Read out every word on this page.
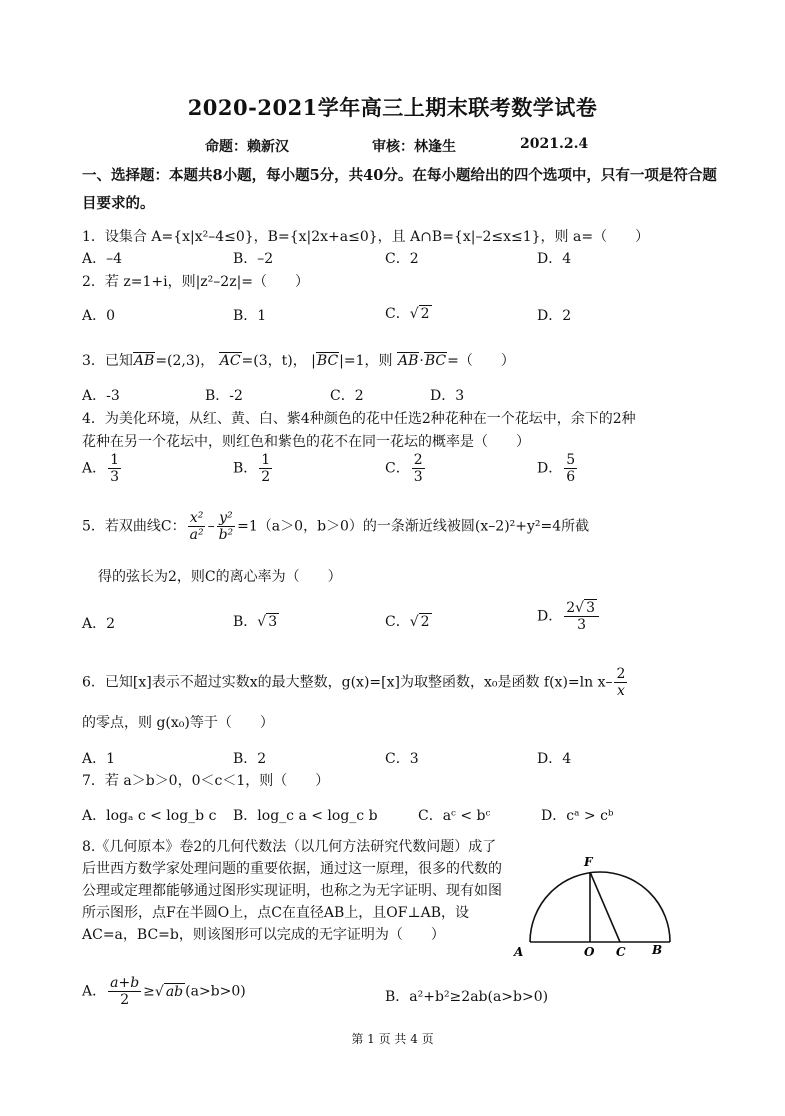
2020-2021学年高三上期末联考数学试卷
命题：赖新汉	审核：林逢生	2021.2.4
一、选择题：本题共8小题，每小题5分，共40分。在每小题给出的四个选项中，只有一项是符合题
目要求的。
1．设集合 A={x|x²–4≤0}，B={x|2x+a≤0}，且 A∩B={x|–2≤x≤1}，则 a=（　　）
A．–4	B．–2	C．2	D．4
2．若 z=1+i，则|z²–2z|=（　　）
A．0	B．1	C．√ 2	D．2
3．已知AB=(2,3)， AC=(3，t)， |BC|=1，则 AB·BC=（　　）
A．-3	B．-2	C．2	D．3
4．为美化环境，从红、黄、白、紫4种颜色的花中任选2种花种在一个花坛中，余下的2种
花种在另一个花坛中，则红色和紫色的花不在同一花坛的概率是（　　）
A． $\frac{1}{3}$	B． $\frac{1}{2}$	C． $\frac{2}{3}$	D． $\frac{5}{6}$
5．若双曲线C： $\frac{\text{x²}}{\text{a²}} - \frac{\text{y²}}{\text{b²}} =1(a>0$，b＞0）的一条渐近线被圆(x–2)²+y²=4所截
得的弦长为2，则C的离心率为（　　）
A．2	B．√ 3	C．√ 2	D． $\frac{2√ 3}{3}$
6．已知[x]表示不超过实数x的最大整数，g(x)=[x]为取整函数，x₀是函数 f(x)=ln $x- \frac{2}{x}$
的零点，则 g(x₀)等于（　　）
A．1	B．2	C．3	D．4
7．若 a＞b＞0，0＜c＜1，则（　　）
A．logₐ c < log_b c B．log_c a < log_c b	C．aᶜ < bᶜ	D．cᵃ > cᵇ
8.《几何原本》卷2的几何代数法（以几何方法研究代数问题）成了后世西方数学家处理问题的重要依据，通过这一原理，很多的代数的公理或定理都能够通过图形实现证明，也称之为无字证明、现有如图所示图形，点F在半圆O上，点C在直径AB上，且OF⊥AB，设AC=a，BC=b，则该图形可以完成的无字证明为（　　）
F
A	O C B
A． $\frac{a+b}{2}$ ≥√ ab (a>b>0)	B．a²+b²≥2ab(a>b>0)
第 1 页 共 4 页
